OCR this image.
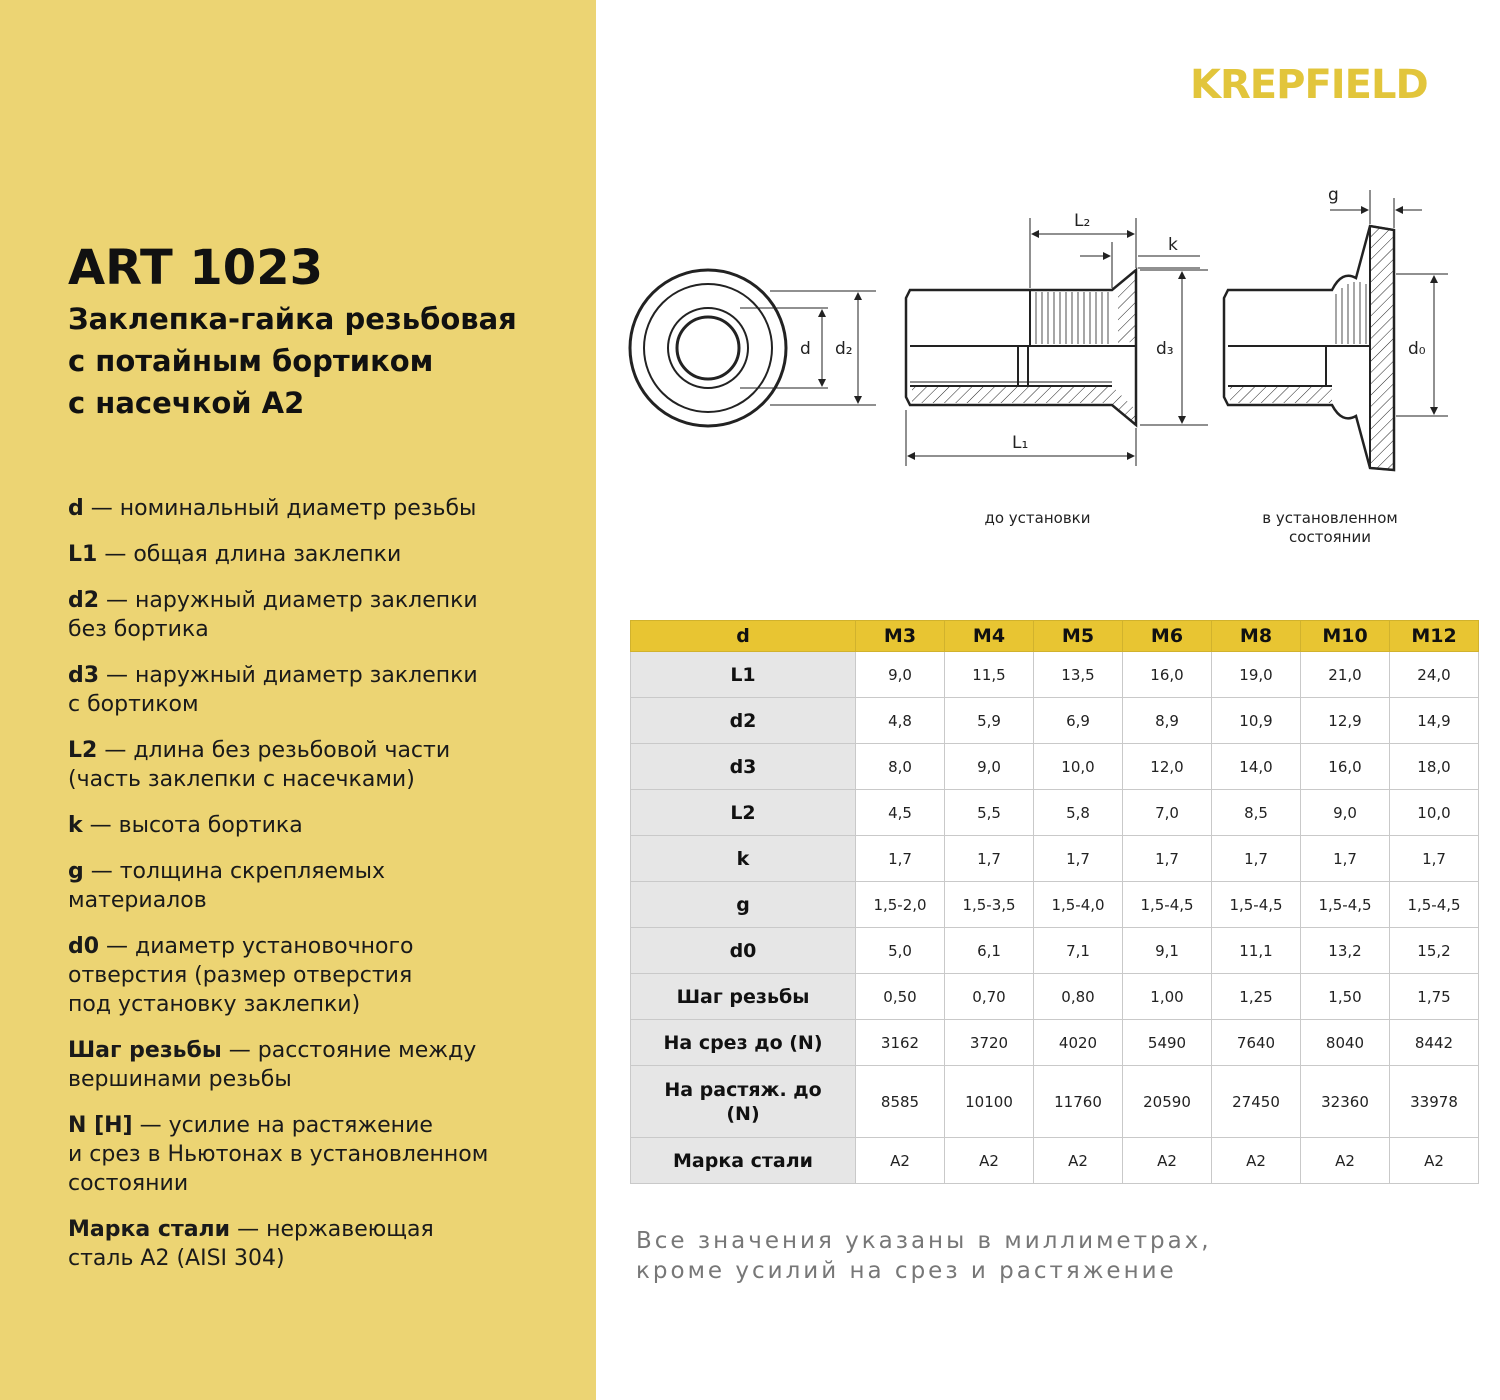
ART 1023
Заклепка-гайка резьбовая
с потайным бортиком
с насечкой А2
d — номинальный диаметр резьбы
L1 — общая длина заклепки
d2 — наружный диаметр заклепки
без бортика
d3 — наружный диаметр заклепки
с бортиком
L2 — длина без резьбовой части
(часть заклепки с насечками)
k — высота бортика
g — толщина скрепляемых
материалов
d0 — диаметр установочного
отверстия (размер отверстия
под установку заклепки)
Шаг резьбы — расстояние между
вершинами резьбы
N [Н] — усилие на растяжение
и срез в Ньютонах в установленном
состоянии
Марка стали — нержавеющая
сталь А2 (AISI 304)
KREPFIELD
d d₂
L₂
k
d₃
L₁
g
d₀
до установки	в установленном
состоянии
d	M3	M4	M5	M6	M8	M10	M12
L1	9,0	11,5	13,5	16,0	19,0	21,0	24,0
d2	4,8	5,9	6,9	8,9	10,9	12,9	14,9
d3	8,0	9,0	10,0	12,0	14,0	16,0	18,0
L2	4,5	5,5	5,8	7,0	8,5	9,0	10,0
k	1,7	1,7	1,7	1,7	1,7	1,7	1,7
g	1,5-2,0	1,5-3,5	1,5-4,0	1,5-4,5	1,5-4,5	1,5-4,5	1,5-4,5
d0	5,0	6,1	7,1	9,1	11,1	13,2	15,2
Шаг резьбы	0,50	0,70	0,80	1,00	1,25	1,50	1,75
На срез до (N)	3162	3720	4020	5490	7640	8040	8442
На растяж. до (N)	8585	10100	11760	20590	27450	32360	33978
Марка стали	A2	A2	A2	A2	A2	A2	A2
Все значения указаны в миллиметрах,
кроме усилий на срез и растяжение
